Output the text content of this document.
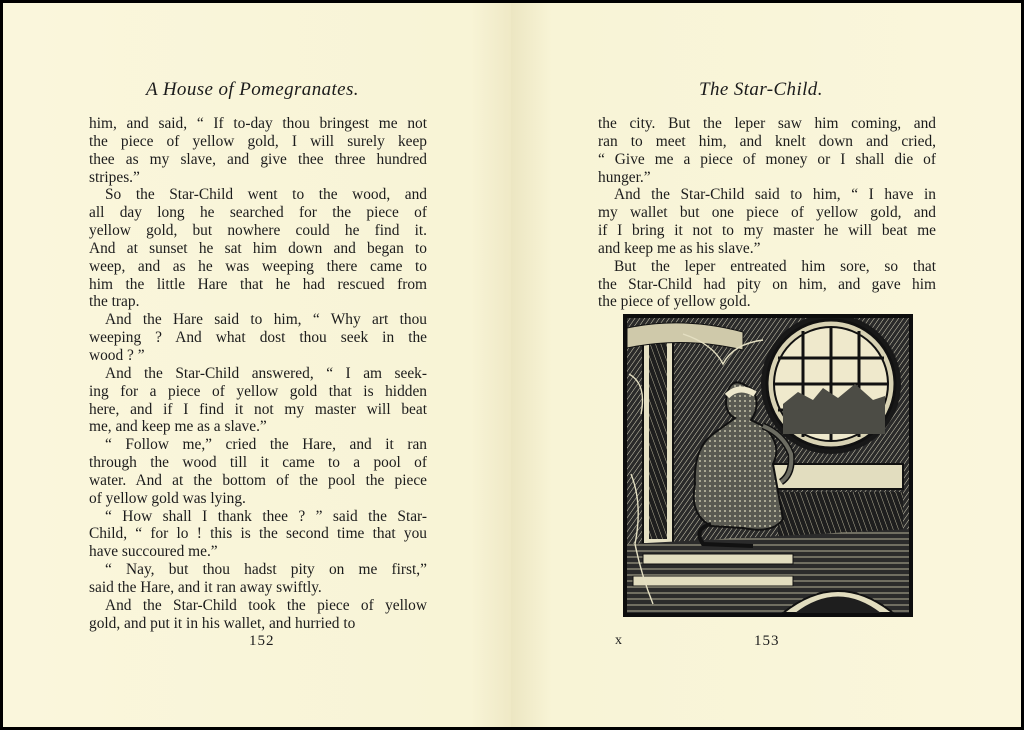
A House of Pomegranates.
him, and said, “ If to-day thou bringest me not
the piece of yellow gold, I will surely keep
thee as my slave, and give thee three hundred
stripes.”
So the Star-Child went to the wood, and
all day long he searched for the piece of
yellow gold, but nowhere could he find it.
And at sunset he sat him down and began to
weep, and as he was weeping there came to
him the little Hare that he had rescued from
the trap.
And the Hare said to him, “ Why art thou
weeping ? And what dost thou seek in the
wood ? ”
And the Star-Child answered, “ I am seek-
ing for a piece of yellow gold that is hidden
here, and if I find it not my master will beat
me, and keep me as a slave.”
“ Follow me,” cried the Hare, and it ran
through the wood till it came to a pool of
water. And at the bottom of the pool the piece
of yellow gold was lying.
“ How shall I thank thee ? ” said the Star-
Child, “ for lo ! this is the second time that you
have succoured me.”
“ Nay, but thou hadst pity on me first,”
said the Hare, and it ran away swiftly.
And the Star-Child took the piece of yellow
gold, and put it in his wallet, and hurried to
152
The Star-Child.
the city. But the leper saw him coming, and
ran to meet him, and knelt down and cried,
“ Give me a piece of money or I shall die of
hunger.”
And the Star-Child said to him, “ I have in
my wallet but one piece of yellow gold, and
if I bring it not to my master he will beat me
and keep me as his slave.”
But the leper entreated him sore, so that
the Star-Child had pity on him, and gave him
the piece of yellow gold.
x	153
